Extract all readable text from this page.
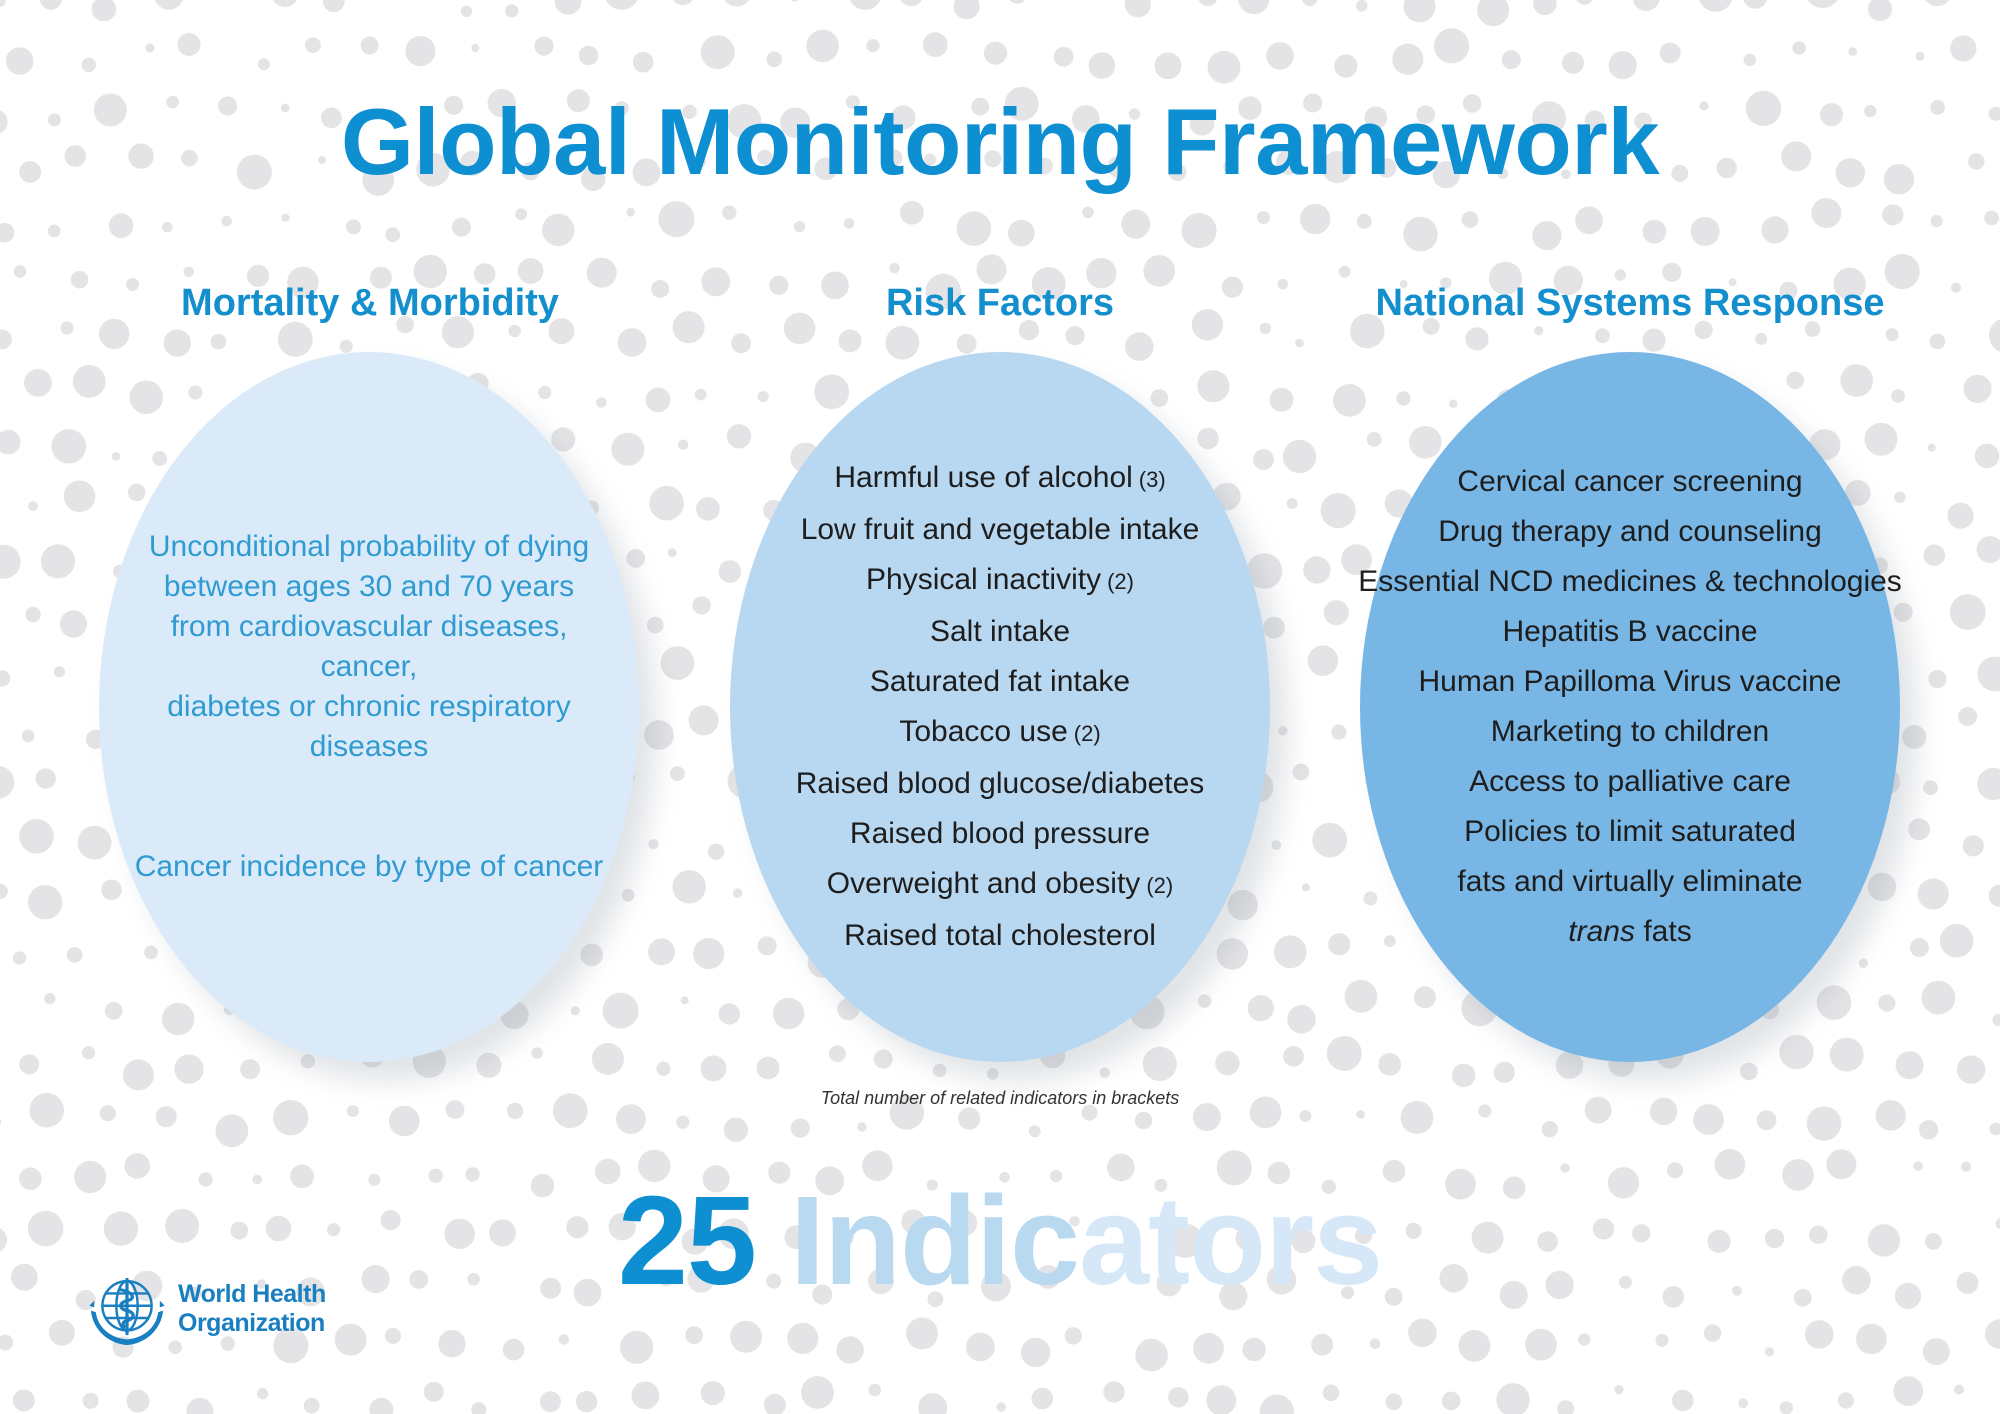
Global Monitoring Framework
Mortality & Morbidity
Unconditional probability of dying
between ages 30 and 70 years
from cardiovascular diseases, cancer,
diabetes or chronic respiratory diseases
Cancer incidence by type of cancer
Risk Factors
Harmful use of alcohol (3)
Low fruit and vegetable intake
Physical inactivity (2)
Salt intake
Saturated fat intake
Tobacco use (2)
Raised blood glucose/diabetes
Raised blood pressure
Overweight and obesity (2)
Raised total cholesterol
National Systems Response
Cervical cancer screening
Drug therapy and counseling
Essential NCD medicines & technologies
Hepatitis B vaccine
Human Papilloma Virus vaccine
Marketing to children
Access to palliative care
Policies to limit saturated
fats and virtually eliminate
trans fats
Total number of related indicators in brackets
25 Indicators
World Health
Organization
